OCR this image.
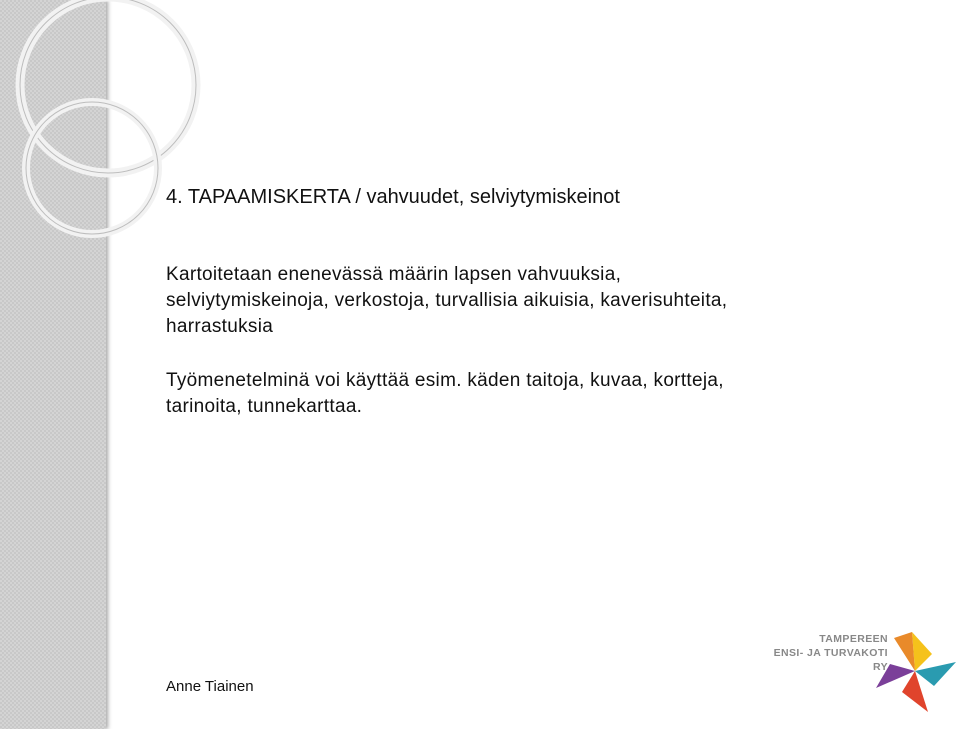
4. TAPAAMISKERTA / vahvuudet, selviytymiskeinot
Kartoitetaan enenevässä määrin lapsen vahvuuksia, selviytymiskeinoja, verkostoja, turvallisia aikuisia, kaverisuhteita, harrastuksia
Työmenetelminä voi käyttää esim. käden taitoja, kuvaa, kortteja, tarinoita, tunnekarttaa.
Anne Tiainen
TAMPEREEN
ENSI- JA TURVAKOTI RY
